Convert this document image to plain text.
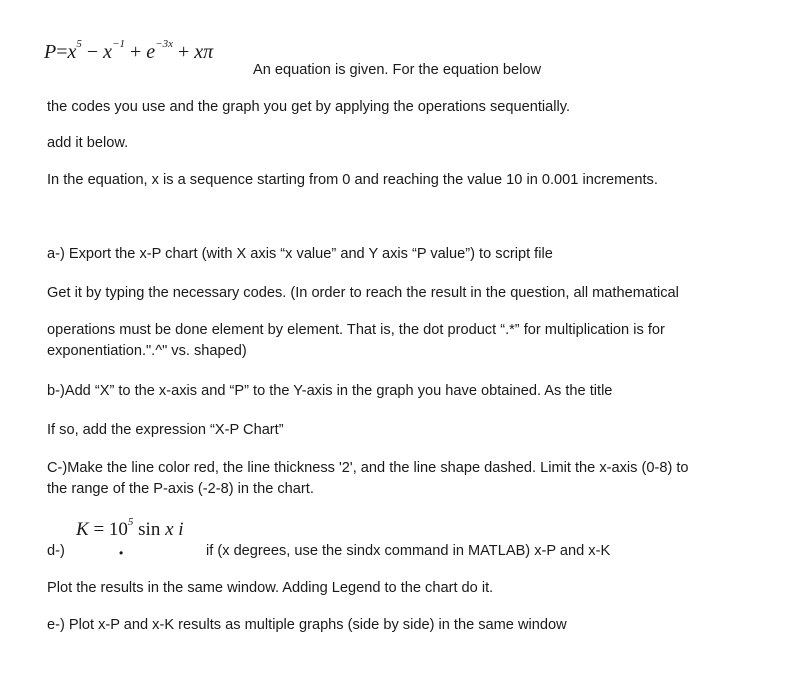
$P=x^5 - x^{-1} + e^{-3x} + x\pi$
An equation is given. For the equation below
the codes you use and the graph you get by applying the operations sequentially.
add it below.
In the equation, x is a sequence starting from 0 and reaching the value 10 in 0.001 increments.
a-) Export the x-P chart (with X axis “x value” and Y axis “P value”) to script file
Get it by typing the necessary codes. (In order to reach the result in the question, all mathematical
operations must be done element by element. That is, the dot product “.*” for multiplication is for
exponentiation.".^" vs. shaped)
b-)Add “X” to the x-axis and “P” to the Y-axis in the graph you have obtained. As the title
If so, add the expression “X-P Chart”
C-)Make the line color red, the line thickness '2', and the line shape dashed. Limit the x-axis (0-8) to
the range of the P-axis (-2-8) in the chart.
$K = 10^5$ sin x i
•
d-)	if (x degrees, use the sindx command in MATLAB) x-P and x-K
Plot the results in the same window. Adding Legend to the chart do it.
e-) Plot x-P and x-K results as multiple graphs (side by side) in the same window
